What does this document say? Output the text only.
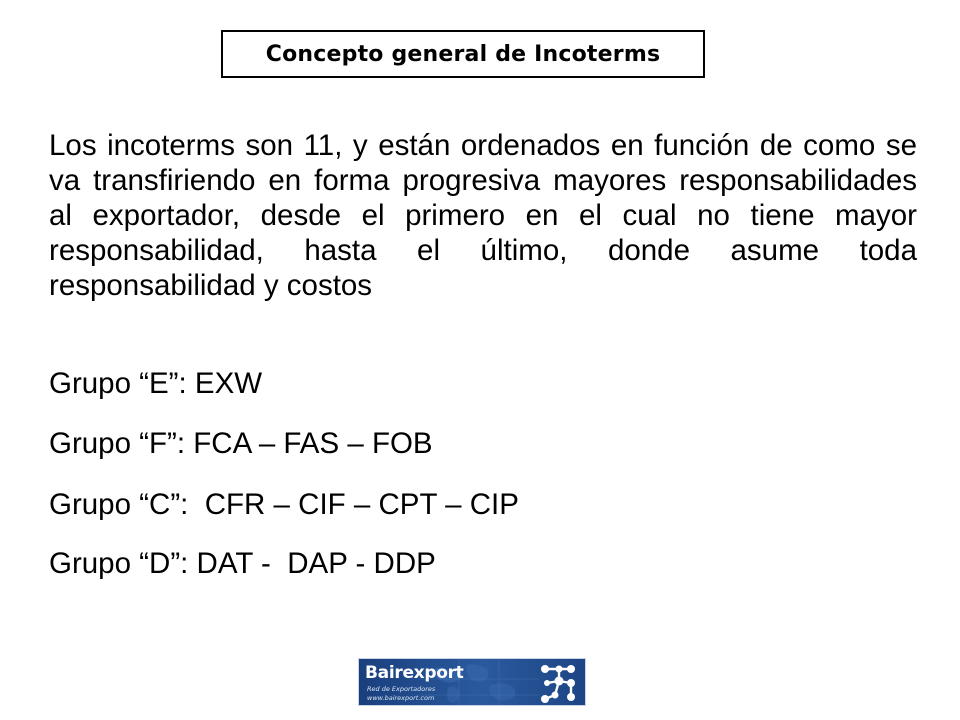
Concepto general de Incoterms

Los incoterms son 11, y están ordenados en función de como se va transfiriendo en forma progresiva mayores responsabilidades al exportador, desde el primero en el cual no tiene mayor responsabilidad, hasta el último, donde asume toda responsabilidad y costos

Grupo “E”: EXW

Grupo “F”: FCA – FAS – FOB

Grupo “C”:  CFR – CIF – CPT – CIP

Grupo “D”: DAT -  DAP - DDP

Bairexport
Red de Exportadores
www.bairexport.com
